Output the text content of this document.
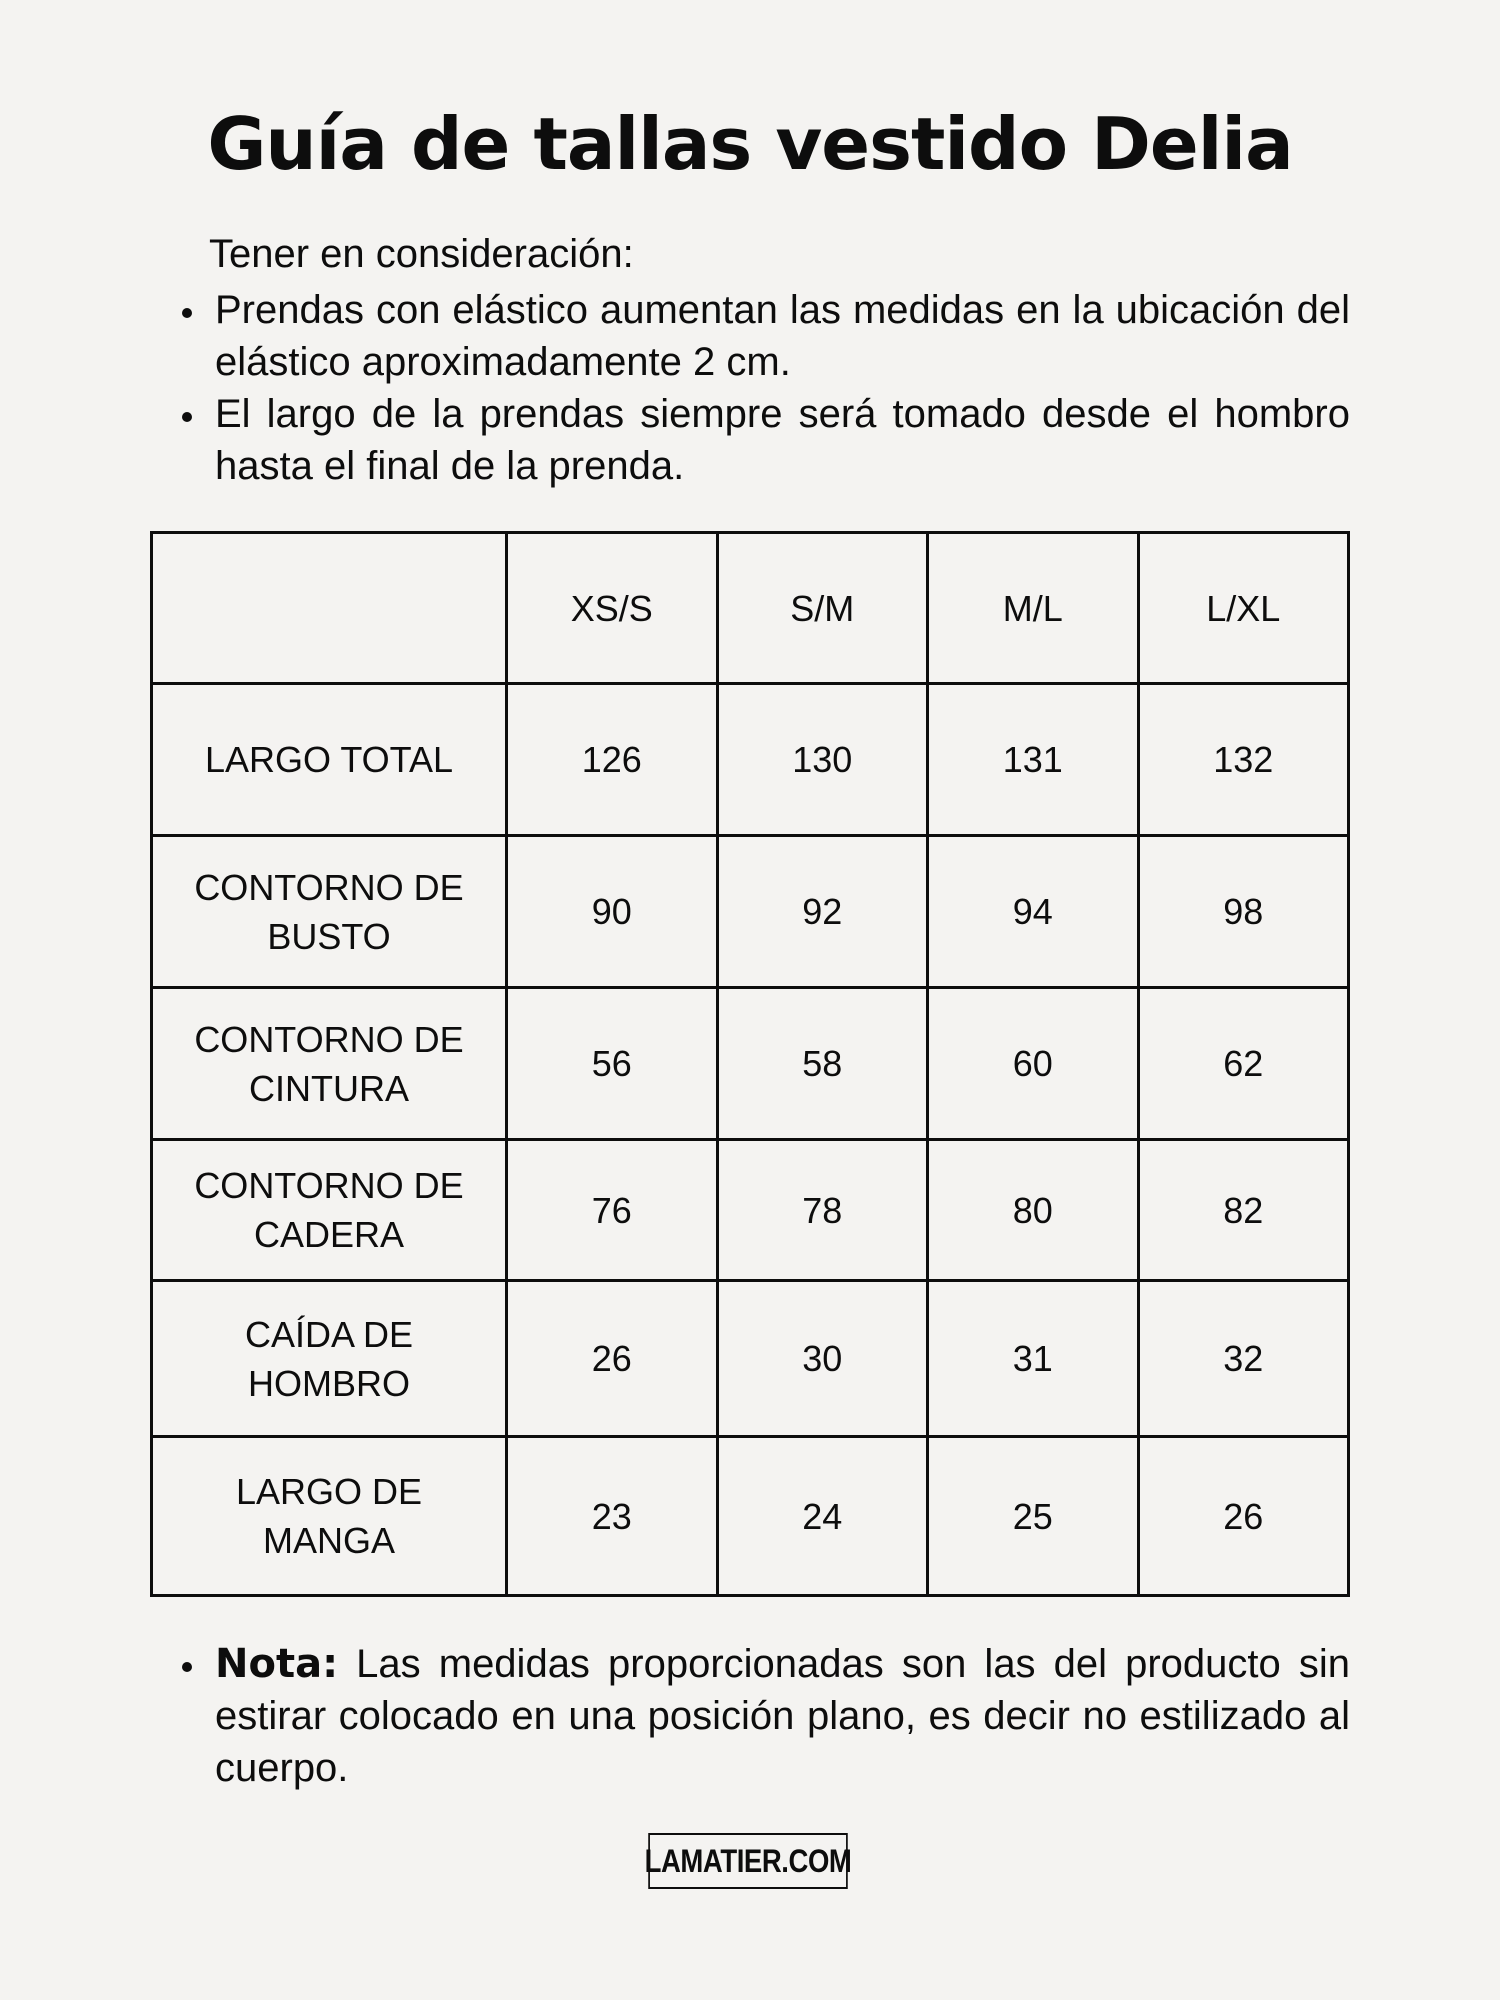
Guía de tallas vestido Delia

Tener en consideración:

Prendas con elástico aumentan las medidas en la ubicación del elástico aproximadamente 2 cm.
El largo de la prendas siempre será tomado desde el hombro hasta el final de la prenda.
	XS/S	S/M	M/L	L/XL
LARGO TOTAL	126	130	131	132
CONTORNO DE
BUSTO	90	92	94	98
CONTORNO DE
CINTURA	56	58	60	62
CONTORNO DE
CADERA	76	78	80	82
CAÍDA DE
HOMBRO	26	30	31	32
LARGO DE
MANGA	23	24	25	26
Nota: Las medidas proporcionadas son las del producto sin estirar colocado en una posición plano, es decir no estilizado al cuerpo.
LAMATIER.COM
